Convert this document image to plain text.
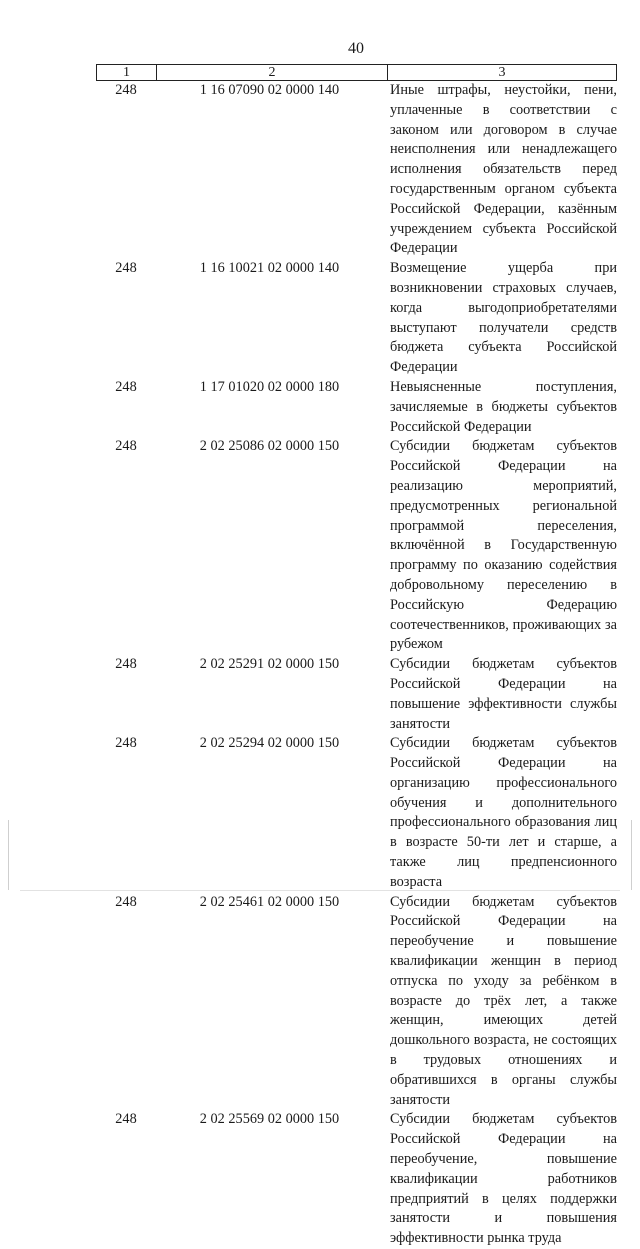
40
1	2	3
248	1 16 07090 02 0000 140	Иные штрафы, неустойки, пени, уплаченные в соответствии с законом или договором в случае неисполнения или ненадлежащего исполнения обязательств перед государственным органом субъекта Российской Федерации, казённым учреждением субъекта Российской Федерации
248	1 16 10021 02 0000 140	Возмещение ущерба при возникновении страховых случаев, когда выгодоприобретателями выступают получатели средств бюджета субъекта Российской Федерации
248	1 17 01020 02 0000 180	Невыясненные поступления, зачисляемые в бюджеты субъектов Российской Федерации
248	2 02 25086 02 0000 150	Субсидии бюджетам субъектов Российской Федерации на реализацию мероприятий, предусмотренных региональной программой переселения, включённой в Государственную программу по оказанию содействия добровольному переселению в Российскую Федерацию соотечественников, проживающих за рубежом
248	2 02 25291 02 0000 150	Субсидии бюджетам субъектов Российской Федерации на повышение эффективности службы занятости
248	2 02 25294 02 0000 150	Субсидии бюджетам субъектов Российской Федерации на организацию профессионального обучения и дополнительного профессионального образования лиц в возрасте 50-ти лет и старше, а также лиц предпенсионного возраста
248	2 02 25461 02 0000 150	Субсидии бюджетам субъектов Российской Федерации на переобучение и повышение квалификации женщин в период отпуска по уходу за ребёнком в возрасте до трёх лет, а также женщин, имеющих детей дошкольного возраста, не состоящих в трудовых отношениях и обратившихся в органы службы занятости
248	2 02 25569 02 0000 150	Субсидии бюджетам субъектов Российской Федерации на переобучение, повышение квалификации работников предприятий в целях поддержки занятости и повышения эффективности рынка труда
